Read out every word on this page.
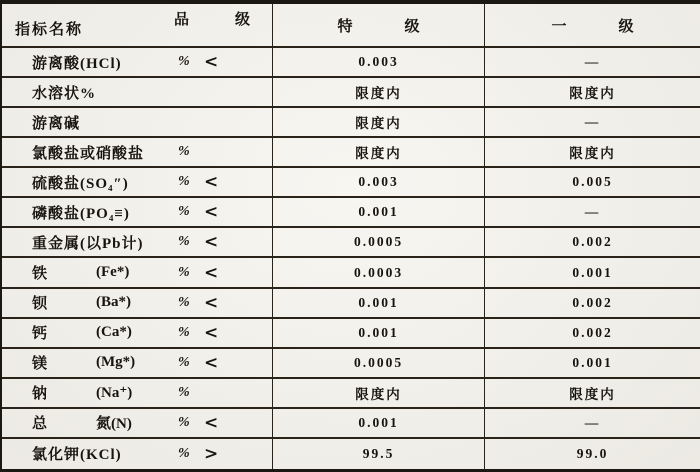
品级
指标名称	特级	一级
游离酸(HCl)	% <	0.003	—
水溶状%	限度内	限度内
游离碱	限度内	—
氯酸盐或硝酸盐 %	限度内	限度内
硫酸盐(SO₄″)	% <	0.003	0.005
磷酸盐(PO₄≡)	% <	0.001	—
重金属(以Pb计) % <	0.0005	0.002
铁	(Fe*)	% <	0.0003	0.001
钡	(Ba*)	% <	0.001	0.002
钙	(Ca*)	% <	0.001	0.002
镁	(Mg*)	% <	0.0005	0.001
钠	(Na⁺)	%	限度内	限度内
总	氮(N)	% <	0.001	—
氯化钾(KCl)	% >	99.5	99.0
